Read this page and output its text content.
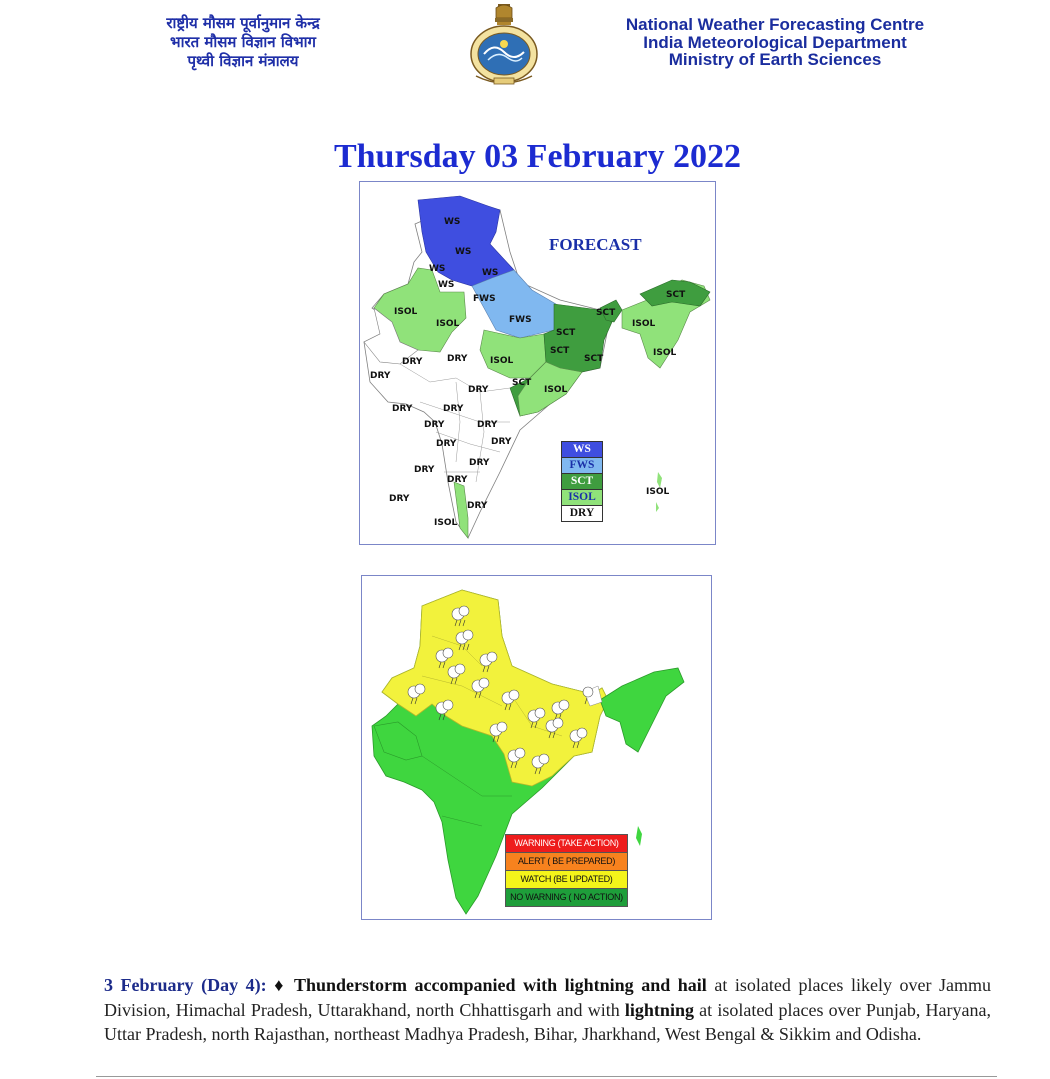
राष्ट्रीय मौसम पूर्वानुमान केन्द्र
भारत मौसम विज्ञान विभाग
पृथ्वी विज्ञान मंत्रालय
National Weather Forecasting Centre
India Meteorological Department
Ministry of Earth Sciences
Thursday 03 February 2022
FORECAST
WS
WS
WS	WS
WS
FWS
FWS
SCT
SCT
SCT
SCT
SCT
SCT
ISOL
ISOL
ISOL
ISOL
ISOL
ISOL
ISOL
ISOL
DRY	DRY
DRY
DRY
DRY	DRY
DRY	DRY
DRY	DRY
DRY
DRY
DRY
DRY
DRY
WS
FWS
SCT
ISOL
DRY
WARNING (TAKE ACTION)
ALERT ( BE PREPARED)
WATCH (BE UPDATED)
NO WARNING ( NO ACTION)
3 February (Day 4): ♦ Thunderstorm accompanied with lightning and hail at isolated places likely over Jammu Division, Himachal Pradesh, Uttarakhand, north Chhattisgarh and with lightning at isolated places over Punjab, Haryana, Uttar Pradesh, north Rajasthan, northeast Madhya Pradesh, Bihar, Jharkhand, West Bengal & Sikkim and Odisha.
